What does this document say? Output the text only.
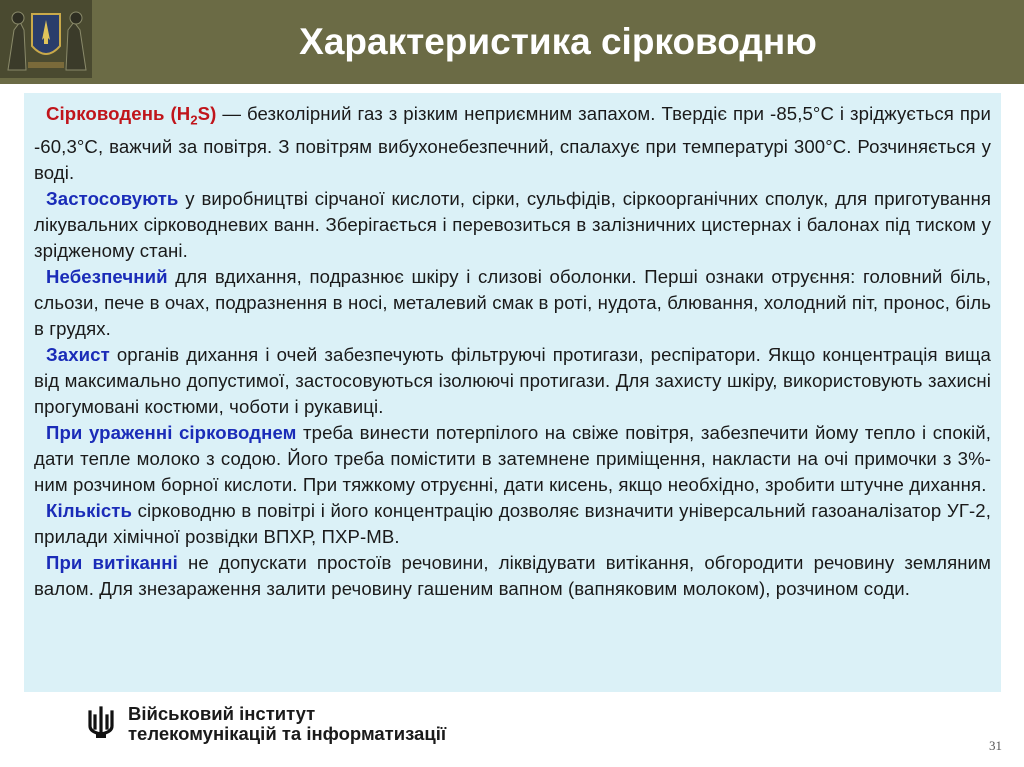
Характеристика сірководню

Сірководень $(H_2S)$ — безколірний газ з різким неприємним запахом. Твердіє при -85,5°С і зріджується при -60,3°С, важчий за повітря. З повітрям вибухонебезпечний, спалахує при температурі 300°С. Розчиняється у воді.

Застосовують у виробництві сірчаної кислоти, сірки, сульфідів, сіркоорганічних сполук, для приготування лікувальних сірководневих ванн. Зберігається і перевозиться в залізничних цистернах і балонах під тиском у зрідженому стані.

Небезпечний для вдихання, подразнює шкіру і слизові оболонки. Перші ознаки отруєння: головний біль, сльози, пече в очах, подразнення в носі, металевий смак в роті, нудота, блювання, холодний піт, пронос, біль в грудях.

Захист органів дихання і очей забезпечують фільтруючі протигази, респіратори. Якщо концентрація вища від максимально допустимої, застосовуються ізолюючі протигази. Для захисту шкіру, використовують захисні прогумовані костюми, чоботи і рукавиці.

При ураженні сірководнем треба винести потерпілого на свіже повітря, забезпечити йому тепло і спокій, дати тепле молоко з содою. Його треба помістити в затемнене приміщення, накласти на очі примочки з 3%-ним розчином борної кислоти. При тяжкому отруєнні, дати кисень, якщо необхідно, зробити штучне дихання.

Кількість сірководню в повітрі і його концентрацію дозволяє визначити універсальний газоаналізатор УГ-2, прилади хімічної розвідки ВПХР, ПХР-МВ.

При витіканні не допускати простоїв речовини, ліквідувати витікання, обгородити речовину земляним валом. Для знезараження залити речовину гашеним вапном (вапняковим молоком), розчином соди.

Військовий інститут
телекомунікацій та інформатизації
31
